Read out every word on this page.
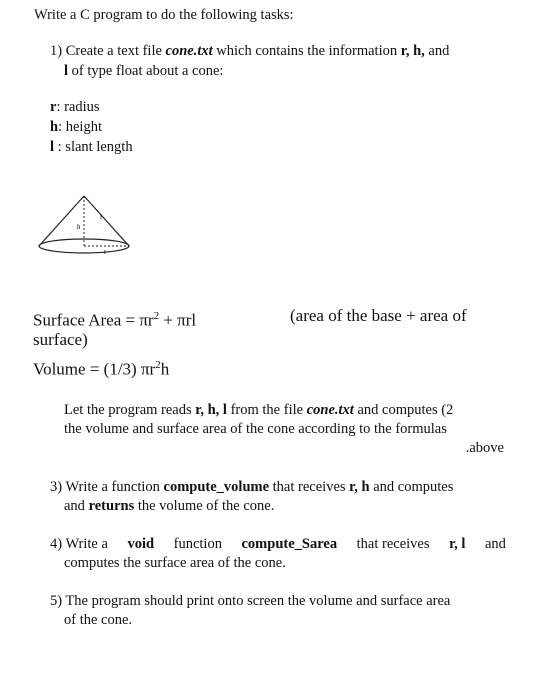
Write a C program to do the following tasks:
1) Create a text file cone.txt which contains the information r, h, and
l of type float about a cone:
r: radius
h: height
l : slant length
h
l
r
Surface Area = $\pi r^2 + \pi rl$	(area of the base + area of
surface)
Volume = (1/3) $\pi r^2h$
Let the program reads r, h, l from the file cone.txt and computes (2
the volume and surface area of the cone according to the formulas
.above
3) Write a function compute_volume that receives r, h and computes
and returns the volume of the cone.
4) Write a void function compute_Sarea that receives r, l and
computes the surface area of the cone.
5) The program should print onto screen the volume and surface area
of the cone.
